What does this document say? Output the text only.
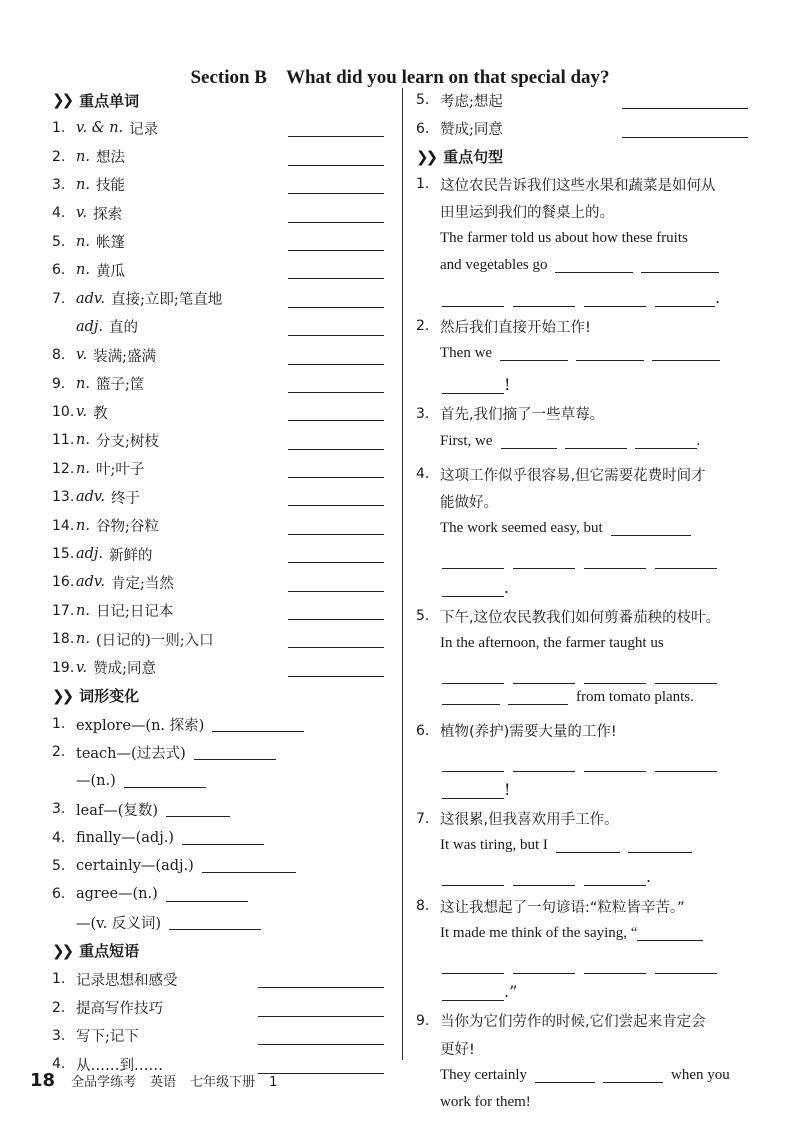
Section B　What did you learn on that special day?
❯❯ 重点单词
1. v. & n. 记录
2. n. 想法
3. n. 技能
4. v. 探索
5. n. 帐篷
6. n. 黄瓜
7. adv. 直接;立即;笔直地
adj. 直的
8. v. 装满;盛满
9. n. 篮子;筐
10. v. 教
11. n. 分支;树枝
12. n. 叶;叶子
13. adv. 终于
14. n. 谷物;谷粒
15. adj. 新鲜的
16. adv. 肯定;当然
17. n. 日记;日记本
18. n. (日记的)一则;入口
19. v. 赞成;同意
❯❯ 词形变化
1. explore—(n. 探索)
2. teach—(过去式)
—(n.)
3. leaf—(复数)
4. finally—(adj.)
5. certainly—(adj.)
6. agree—(n.)
—(v. 反义词)
❯❯ 重点短语
1. 记录思想和感受
2. 提高写作技巧
3. 写下;记下
4. 从……到……
5. 考虑;想起
6. 赞成;同意
❯❯ 重点句型
1. 这位农民告诉我们这些水果和蔬菜是如何从
田里运到我们的餐桌上的。
The farmer told us about how these fruits
and vegetables go
.
2. 然后我们直接开始工作!
Then we
!
3. 首先,我们摘了一些草莓。
First, we	.
4. 这项工作似乎很容易,但它需要花费时间才
能做好。
The work seemed easy, but
.
5. 下午,这位农民教我们如何剪番茄秧的枝叶。
In the afternoon, the farmer taught us
from tomato plants.
6. 植物(养护)需要大量的工作!
!
7. 这很累,但我喜欢用手工作。
It was tiring, but I
.
8. 这让我想起了一句谚语:“粒粒皆辛苦。”
It made me think of the saying, “
.”
9. 当你为它们劳作的时候,它们尝起来肯定会
更好!
They certainly	when you
work for them!
18 全品学练考 英语 七年级下册 1
